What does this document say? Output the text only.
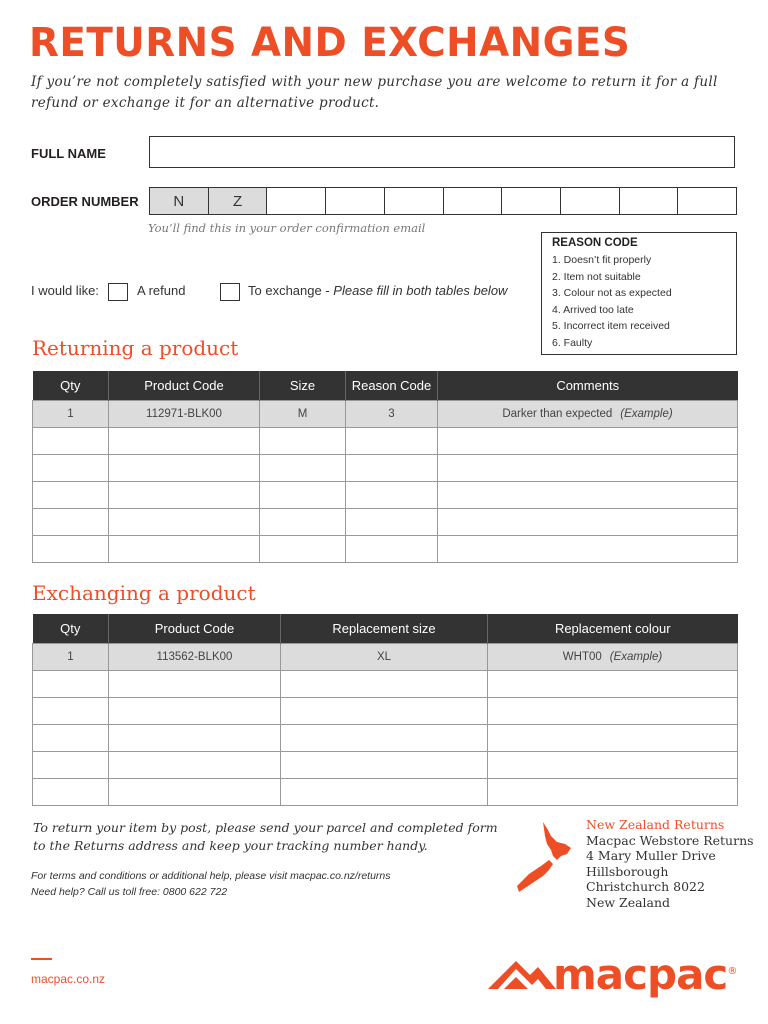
RETURNS AND EXCHANGES
If you’re not completely satisfied with your new purchase you are welcome to return it for a full refund or exchange it for an alternative product.
FULL NAME
ORDER NUMBER	N	Z
You’ll find this in your order confirmation email
REASON CODE
1. Doesn’t fit properly
2. Item not suitable
3. Colour not as expected
4. Arrived too late
5. Incorrect item received
6. Faulty
I would like:	A refund	To exchange - Please fill in both tables below
Returning a product
Qty	Product Code	Size	Reason Code	Comments
1	112971-BLK00	M	3	Darker than expected (Example)

Exchanging a product
Qty	Product Code	Replacement size	Replacement colour
1	113562-BLK00	XL	WHT00 (Example)

To return your item by post, please send your parcel and completed form
to the Returns address and keep your tracking number handy.
For terms and conditions or additional help, please visit macpac.co.nz/returns
Need help? Call us toll free: 0800 622 722
New Zealand Returns
Macpac Webstore Returns
4 Mary Muller Drive
Hillsborough
Christchurch 8022
New Zealand
macpac.co.nz	macpac®
